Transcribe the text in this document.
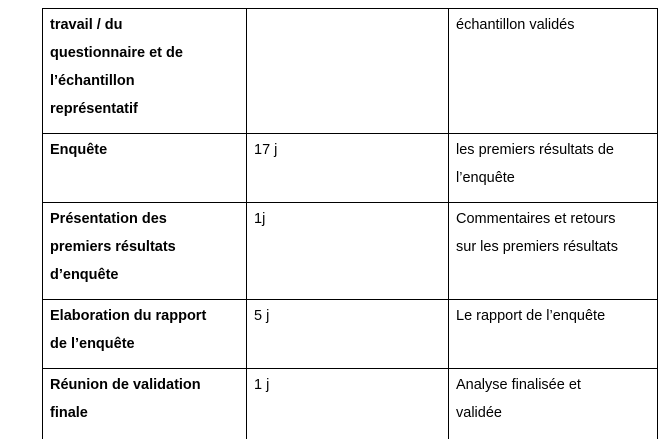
travail / du
questionnaire et de
l’échantillon
représentatif		échantillon validés

Enquête	17 j	les premiers résultats de
l’enquête

Présentation des
premiers résultats
d’enquête	1j	Commentaires et retours
sur les premiers résultats

Elaboration du rapport
de l’enquête	5 j	Le rapport de l’enquête

Réunion de validation
finale	1 j	Analyse finalisée et
validée
